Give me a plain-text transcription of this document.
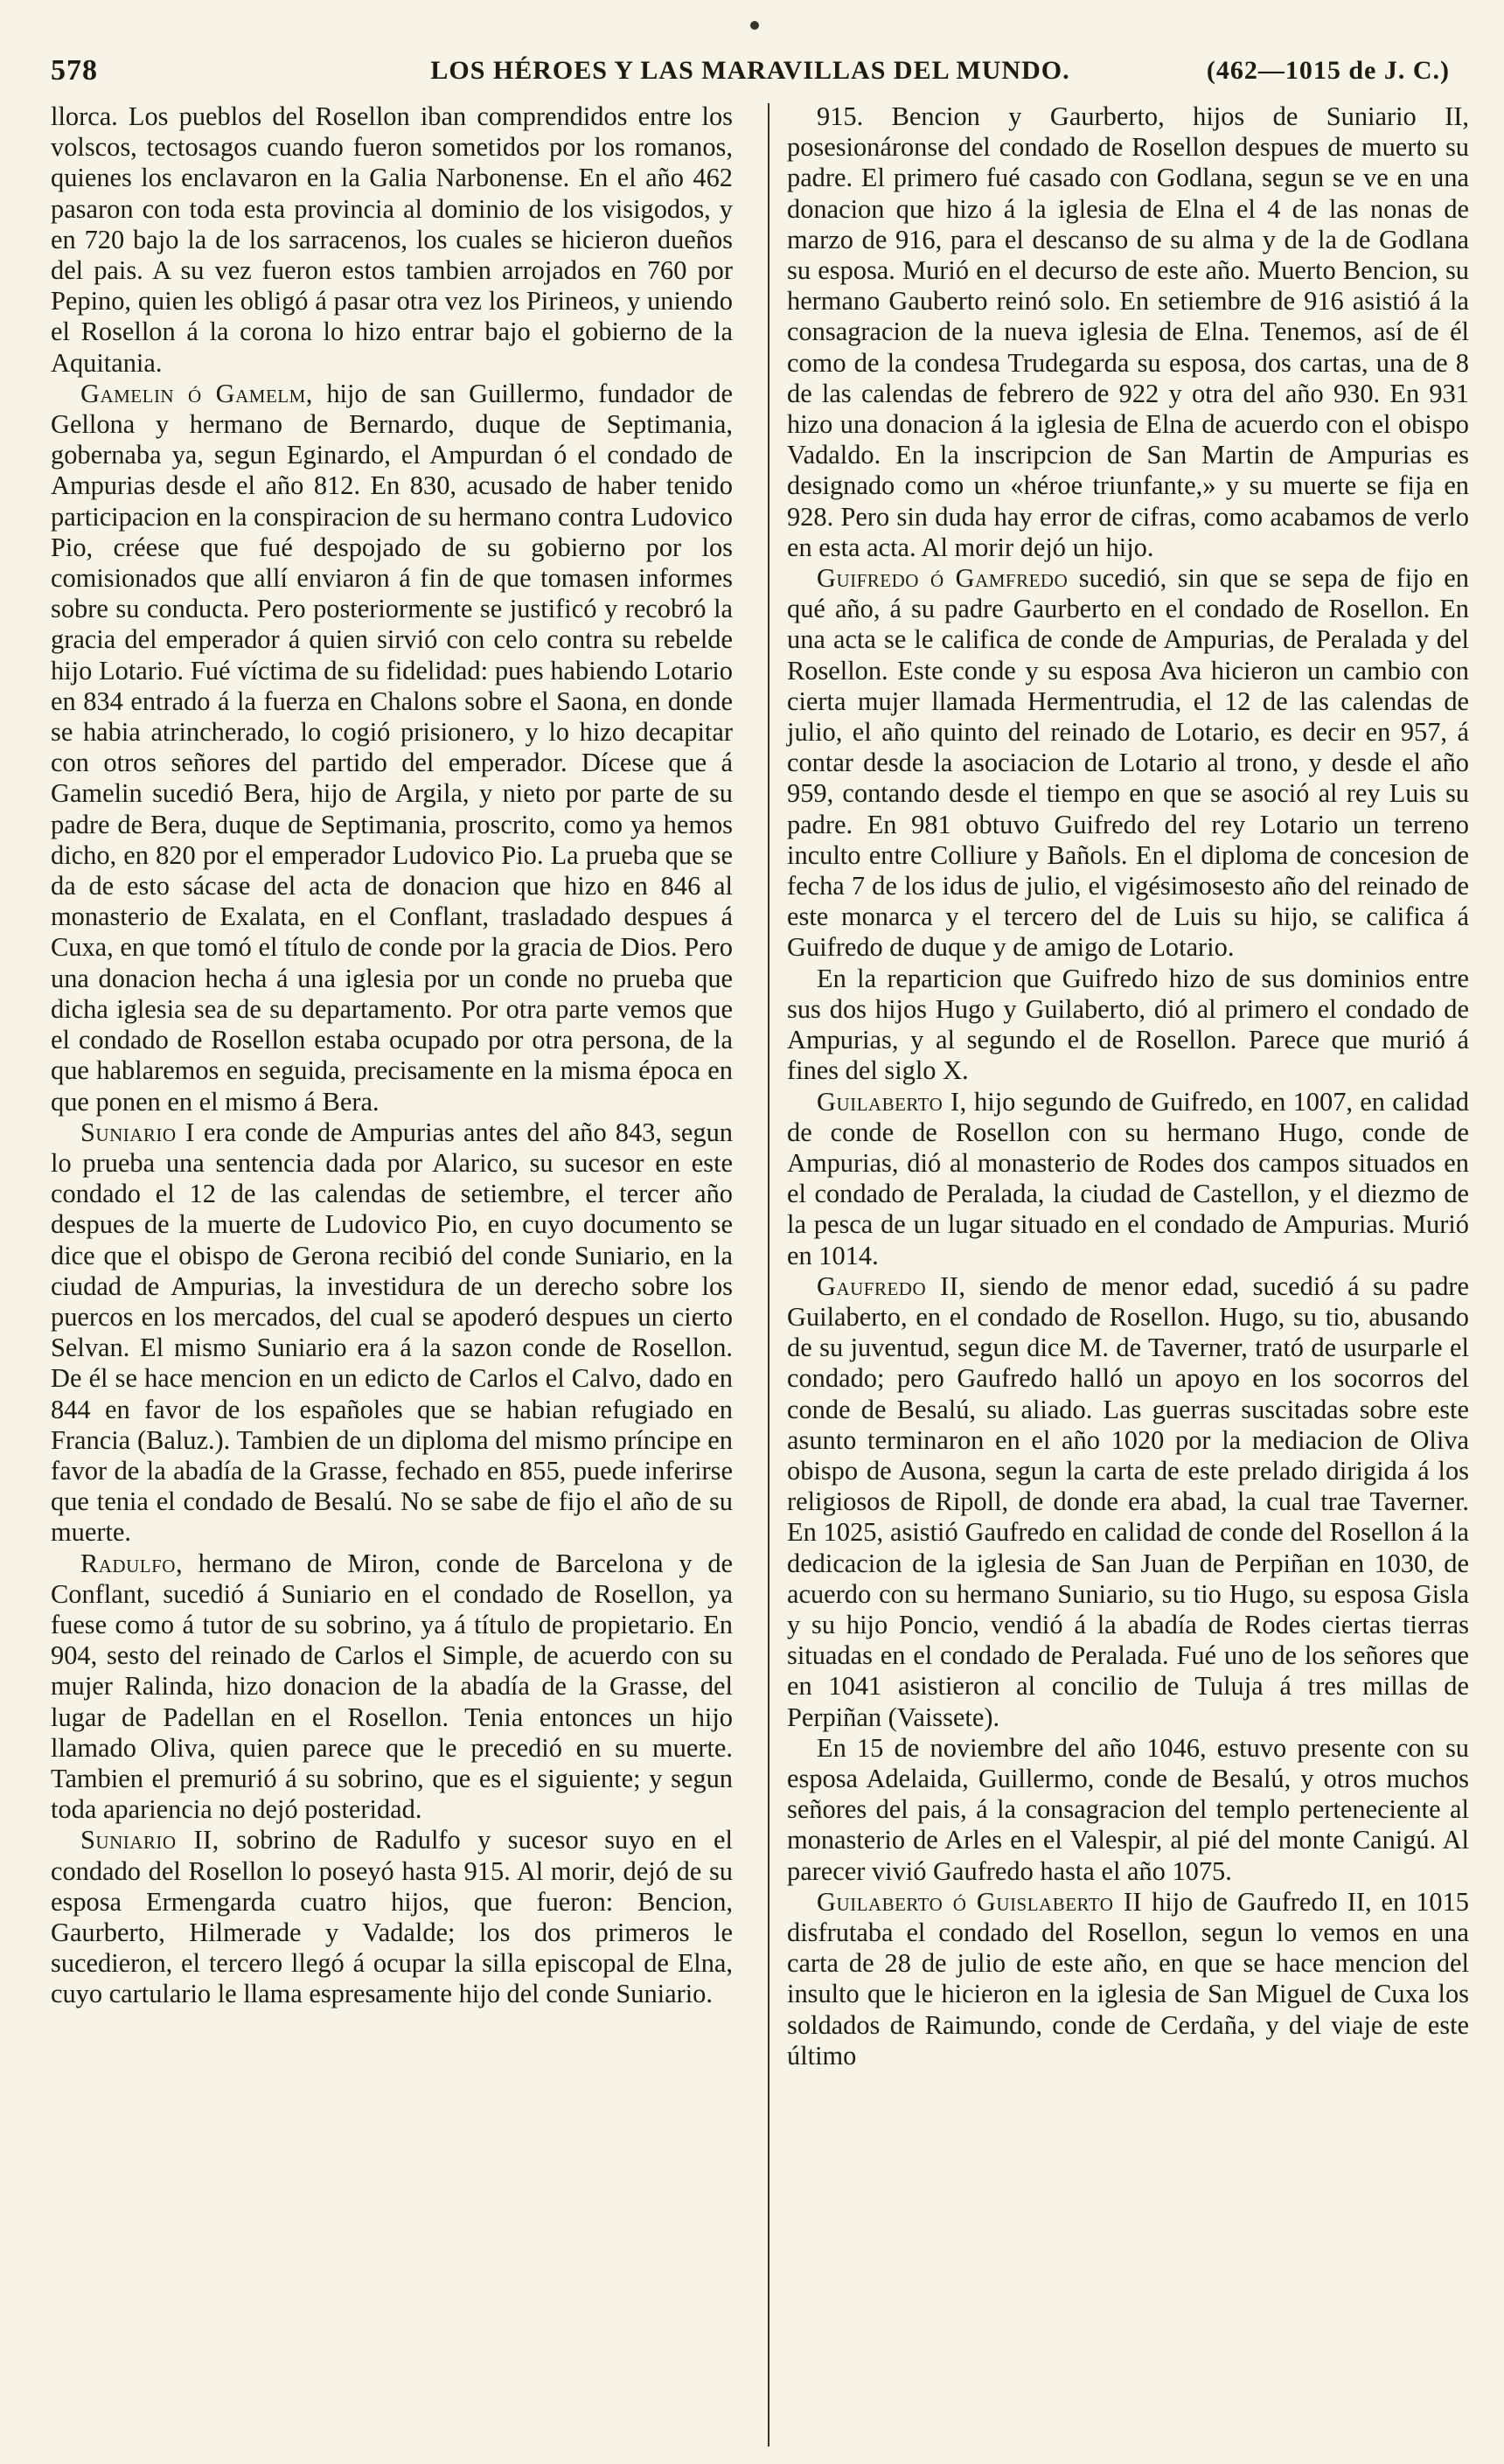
578	LOS HÉROES Y LAS MARAVILLAS DEL MUNDO.	(462—1015 de J. C.)

llorca. Los pueblos del Rosellon iban comprendidos entre los volscos, tectosagos cuando fueron sometidos por los romanos, quienes los enclavaron en la Galia Narbonense. En el año 462 pasaron con toda esta provincia al dominio de los visigodos, y en 720 bajo la de los sarracenos, los cuales se hicieron dueños del pais. A su vez fueron estos tambien arrojados en 760 por Pepino, quien les obligó á pasar otra vez los Pirineos, y uniendo el Rosellon á la corona lo hizo entrar bajo el gobierno de la Aquitania.

Gamelin ó Gamelm, hijo de san Guillermo, fundador de Gellona y hermano de Bernardo, duque de Septimania, gobernaba ya, segun Eginardo, el Ampurdan ó el condado de Ampurias desde el año 812. En 830, acusado de haber tenido participacion en la conspiracion de su hermano contra Ludovico Pio, créese que fué despojado de su gobierno por los comisionados que allí enviaron á fin de que tomasen informes sobre su conducta. Pero posteriormente se justificó y recobró la gracia del emperador á quien sirvió con celo contra su rebelde hijo Lotario. Fué víctima de su fidelidad: pues habiendo Lotario en 834 entrado á la fuerza en Chalons sobre el Saona, en donde se habia atrincherado, lo cogió prisionero, y lo hizo decapitar con otros señores del partido del emperador. Dícese que á Gamelin sucedió Bera, hijo de Argila, y nieto por parte de su padre de Bera, duque de Septimania, proscrito, como ya hemos dicho, en 820 por el emperador Ludovico Pio. La prueba que se da de esto sácase del acta de donacion que hizo en 846 al monasterio de Exalata, en el Conflant, trasladado despues á Cuxa, en que tomó el título de conde por la gracia de Dios. Pero una donacion hecha á una iglesia por un conde no prueba que dicha iglesia sea de su departamento. Por otra parte vemos que el condado de Rosellon estaba ocupado por otra persona, de la que hablaremos en seguida, precisamente en la misma época en que ponen en el mismo á Bera.

Suniario I era conde de Ampurias antes del año 843, segun lo prueba una sentencia dada por Alarico, su sucesor en este condado el 12 de las calendas de setiembre, el tercer año despues de la muerte de Ludovico Pio, en cuyo documento se dice que el obispo de Gerona recibió del conde Suniario, en la ciudad de Ampurias, la investidura de un derecho sobre los puercos en los mercados, del cual se apoderó despues un cierto Selvan. El mismo Suniario era á la sazon conde de Rosellon. De él se hace mencion en un edicto de Carlos el Calvo, dado en 844 en favor de los españoles que se habian refugiado en Francia (Baluz.). Tambien de un diploma del mismo príncipe en favor de la abadía de la Grasse, fechado en 855, puede inferirse que tenia el condado de Besalú. No se sabe de fijo el año de su muerte.

Radulfo, hermano de Miron, conde de Barcelona y de Conflant, sucedió á Suniario en el condado de Rosellon, ya fuese como á tutor de su sobrino, ya á título de propietario. En 904, sesto del reinado de Carlos el Simple, de acuerdo con su mujer Ralinda, hizo donacion de la abadía de la Grasse, del lugar de Padellan en el Rosellon. Tenia entonces un hijo llamado Oliva, quien parece que le precedió en su muerte. Tambien el premurió á su sobrino, que es el siguiente; y segun toda apariencia no dejó posteridad.

Suniario II, sobrino de Radulfo y sucesor suyo en el condado del Rosellon lo poseyó hasta 915. Al morir, dejó de su esposa Ermengarda cuatro hijos, que fueron: Bencion, Gaurberto, Hilmerade y Vadalde; los dos primeros le sucedieron, el tercero llegó á ocupar la silla episcopal de Elna, cuyo cartulario le llama espresamente hijo del conde Suniario.

915. Bencion y Gaurberto, hijos de Suniario II, posesionáronse del condado de Rosellon despues de muerto su padre. El primero fué casado con Godlana, segun se ve en una donacion que hizo á la iglesia de Elna el 4 de las nonas de marzo de 916, para el descanso de su alma y de la de Godlana su esposa. Murió en el decurso de este año. Muerto Bencion, su hermano Gauberto reinó solo. En setiembre de 916 asistió á la consagracion de la nueva iglesia de Elna. Tenemos, así de él como de la condesa Trudegarda su esposa, dos cartas, una de 8 de las calendas de febrero de 922 y otra del año 930. En 931 hizo una donacion á la iglesia de Elna de acuerdo con el obispo Vadaldo. En la inscripcion de San Martin de Ampurias es designado como un «héroe triunfante,» y su muerte se fija en 928. Pero sin duda hay error de cifras, como acabamos de verlo en esta acta. Al morir dejó un hijo.

Guifredo ó Gamfredo sucedió, sin que se sepa de fijo en qué año, á su padre Gaurberto en el condado de Rosellon. En una acta se le califica de conde de Ampurias, de Peralada y del Rosellon. Este conde y su esposa Ava hicieron un cambio con cierta mujer llamada Hermentrudia, el 12 de las calendas de julio, el año quinto del reinado de Lotario, es decir en 957, á contar desde la asociacion de Lotario al trono, y desde el año 959, contando desde el tiempo en que se asoció al rey Luis su padre. En 981 obtuvo Guifredo del rey Lotario un terreno inculto entre Colliure y Bañols. En el diploma de concesion de fecha 7 de los idus de julio, el vigésimosesto año del reinado de este monarca y el tercero del de Luis su hijo, se califica á Guifredo de duque y de amigo de Lotario.

En la reparticion que Guifredo hizo de sus dominios entre sus dos hijos Hugo y Guilaberto, dió al primero el condado de Ampurias, y al segundo el de Rosellon. Parece que murió á fines del siglo X.

Guilaberto I, hijo segundo de Guifredo, en 1007, en calidad de conde de Rosellon con su hermano Hugo, conde de Ampurias, dió al monasterio de Rodes dos campos situados en el condado de Peralada, la ciudad de Castellon, y el diezmo de la pesca de un lugar situado en el condado de Ampurias. Murió en 1014.

Gaufredo II, siendo de menor edad, sucedió á su padre Guilaberto, en el condado de Rosellon. Hugo, su tio, abusando de su juventud, segun dice M. de Taverner, trató de usurparle el condado; pero Gaufredo halló un apoyo en los socorros del conde de Besalú, su aliado. Las guerras suscitadas sobre este asunto terminaron en el año 1020 por la mediacion de Oliva obispo de Ausona, segun la carta de este prelado dirigida á los religiosos de Ripoll, de donde era abad, la cual trae Taverner. En 1025, asistió Gaufredo en calidad de conde del Rosellon á la dedicacion de la iglesia de San Juan de Perpiñan en 1030, de acuerdo con su hermano Suniario, su tio Hugo, su esposa Gisla y su hijo Poncio, vendió á la abadía de Rodes ciertas tierras situadas en el condado de Peralada. Fué uno de los señores que en 1041 asistieron al concilio de Tuluja á tres millas de Perpiñan (Vaissete).

En 15 de noviembre del año 1046, estuvo presente con su esposa Adelaida, Guillermo, conde de Besalú, y otros muchos señores del pais, á la consagracion del templo perteneciente al monasterio de Arles en el Valespir, al pié del monte Canigú. Al parecer vivió Gaufredo hasta el año 1075.

Guilaberto ó Guislaberto II hijo de Gaufredo II, en 1015 disfrutaba el condado del Rosellon, segun lo vemos en una carta de 28 de julio de este año, en que se hace mencion del insulto que le hicieron en la iglesia de San Miguel de Cuxa los soldados de Raimundo, conde de Cerdaña, y del viaje de este último
